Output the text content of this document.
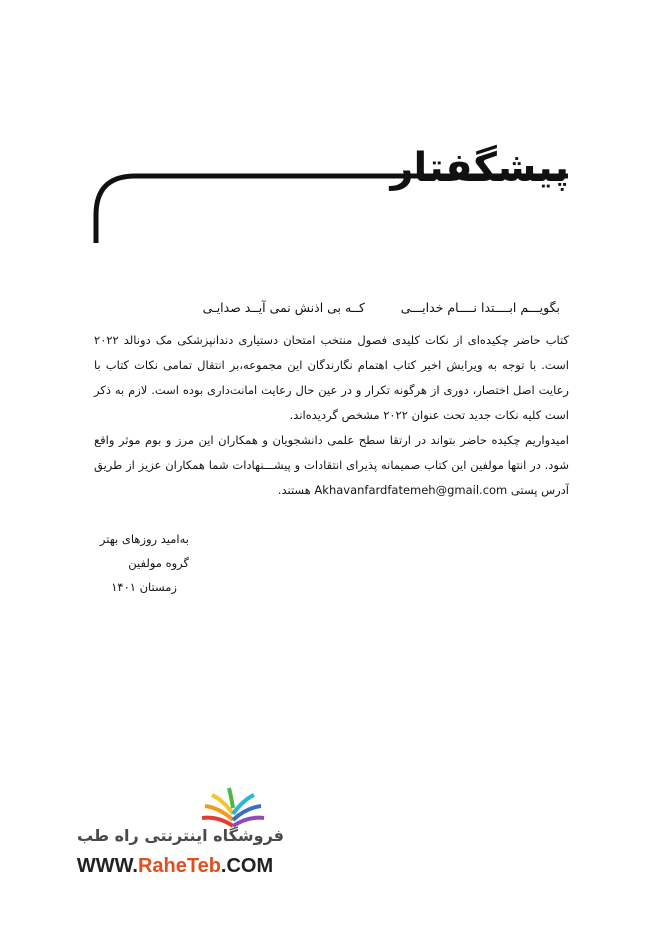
پیشگفتار
بگویـــم ابــــتدا نــــام خدایـــی
کــه بی اذنش نمی آیــد صدایـی

کتاب حاضر چکیده‌ای از نکات کلیدی فصول منتخب امتحان دستیاری دندانپزشکی مک دونالد ۲۰۲۲ است. با توجه به ویرایش اخیر کتاب اهتمام نگارندگان این مجموعه،بر انتقال تمامی نکات کتاب با رعایت اصل اختصار، دوری از هرگونه تکرار و در عین حال رعایت امانت‌داری بوده است. لازم به ذکر است کلیه نکات جدید تحت عنوان ۲۰۲۲ مشخص گردیده‌اند.

امیدواریم چکیده حاضر بتواند در ارتقا سطح علمی دانشجویان و همکاران این مرز و بوم موثر واقع شود. در انتها مولفین این کتاب صمیمانه پذیرای انتقادات و پیشـــنهادات شما همکاران عزیز از طریق آدرس پستی Akhavanfardfatemeh@gmail.com هستند.

به‌امید روزهای بهتر
گروه مولفین
زمستان ۱۴۰۱
فروشگاه اینترنتی راه طب
WWW.RaheTeb.COM
